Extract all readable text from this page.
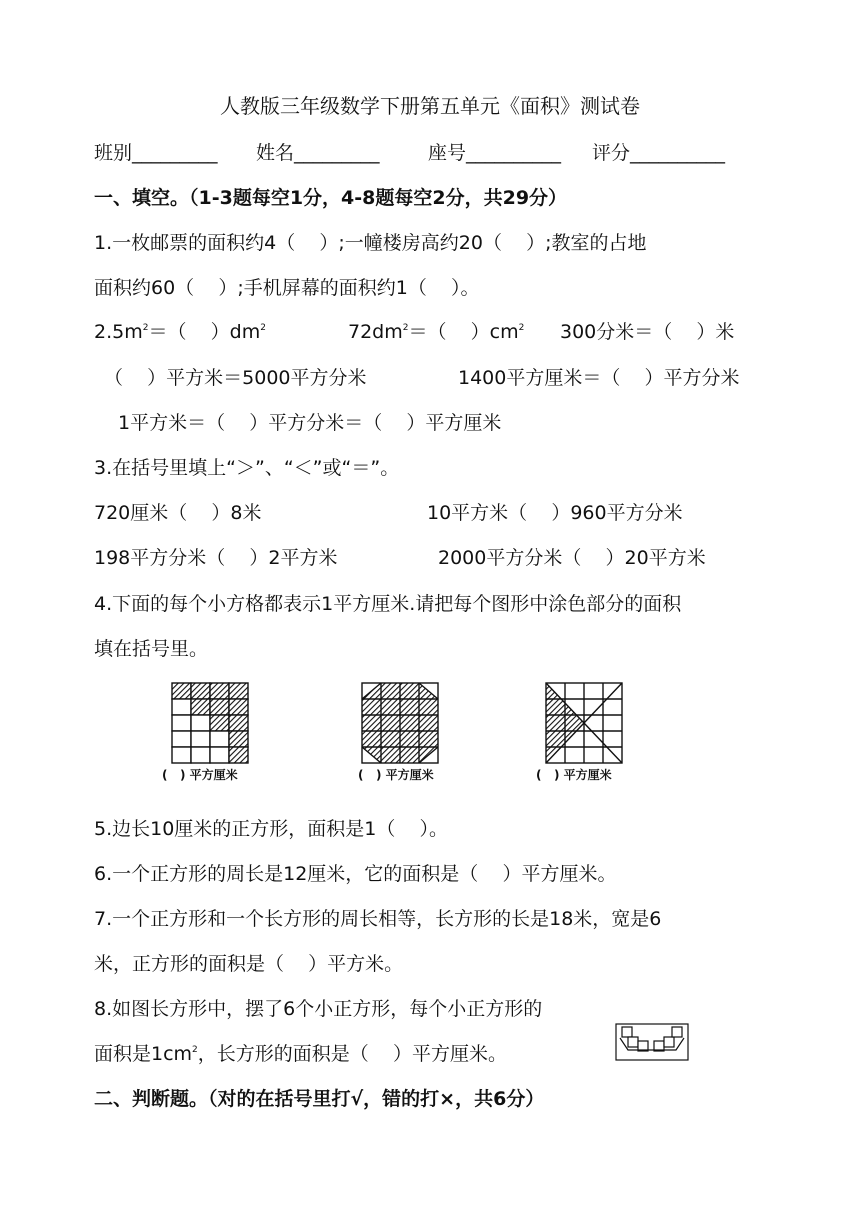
人教版三年级数学下册第五单元《面积》测试卷
班别_________ 姓名_________	座号__________ 评分__________
一、填空。（1-3题每空1分，4-8题每空2分，共29分）
1.一枚邮票的面积约4（    ）;一幢楼房高约20（    ）;教室的占地
面积约60（    ）;手机屏幕的面积约1（    ）。
$2.5m^2=$（    ）$dm^2$	$72dm^2=$（    ）$cm^2$ 300分米＝（    ）米
（    ）平方米＝5000平方分米	1400平方厘米＝（    ）平方分米
1平方米＝（    ）平方分米＝（    ）平方厘米
3.在括号里填上“＞”、“＜”或“＝”。
720厘米（    ）8米	10平方米（    ）960平方分米
198平方分米（    ）2平方米	2000平方分米（    ）20平方米
4.下面的每个小方格都表示1平方厘米.请把每个图形中涂色部分的面积
填在括号里。
(   ) 平方厘米	(   ) 平方厘米	(   ) 平方厘米
5.边长10厘米的正方形，面积是1（    ）。
6.一个正方形的周长是12厘米，它的面积是（    ）平方厘米。
7.一个正方形和一个长方形的周长相等，长方形的长是18米，宽是6
米，正方形的面积是（    ）平方米。
8.如图长方形中，摆了6个小正方形，每个小正方形的
面积是$1cm^2$，长方形的面积是（    ）平方厘米。
二、判断题。（对的在括号里打√，错的打×，共6分）
